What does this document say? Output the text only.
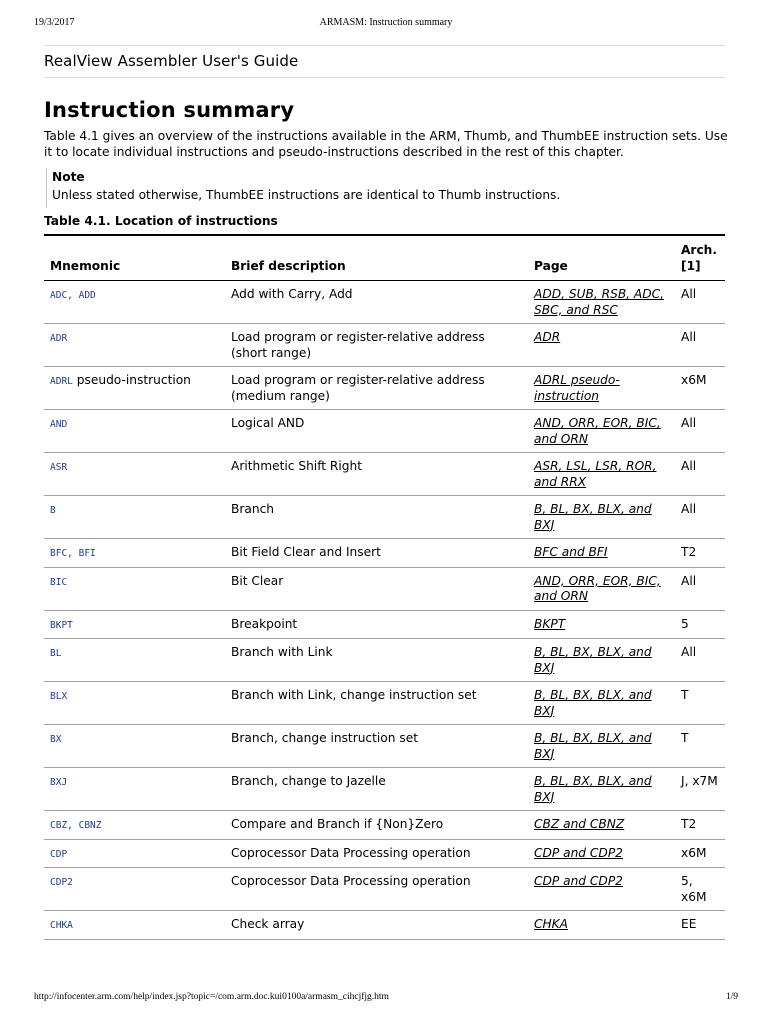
19/3/2017	ARMASM: Instruction summary
RealView Assembler User's Guide
Instruction summary

Table 4.1 gives an overview of the instructions available in the ARM, Thumb, and ThumbEE instruction sets. Use it to locate individual instructions and pseudo-instructions described in the rest of this chapter.

Note
Unless stated otherwise, ThumbEE instructions are identical to Thumb instructions.
Table 4.1. Location of instructions
Mnemonic	Brief description	Page	Arch. [1]
ADC, ADD	Add with Carry, Add	ADD, SUB, RSB, ADC, SBC, and RSC	All
ADR	Load program or register-relative address (short range)	ADR	All
ADRL pseudo-instruction	Load program or register-relative address (medium range)	ADRL pseudo-instruction	x6M
AND	Logical AND	AND, ORR, EOR, BIC, and ORN	All
ASR	Arithmetic Shift Right	ASR, LSL, LSR, ROR, and RRX	All
B	Branch	B, BL, BX, BLX, and BXJ	All
BFC, BFI	Bit Field Clear and Insert	BFC and BFI	T2
BIC	Bit Clear	AND, ORR, EOR, BIC, and ORN	All
BKPT	Breakpoint	BKPT	5
BL	Branch with Link	B, BL, BX, BLX, and BXJ	All
BLX	Branch with Link, change instruction set	B, BL, BX, BLX, and BXJ	T
BX	Branch, change instruction set	B, BL, BX, BLX, and BXJ	T
BXJ	Branch, change to Jazelle	B, BL, BX, BLX, and BXJ	J, x7M
CBZ, CBNZ	Compare and Branch if {Non}Zero	CBZ and CBNZ	T2
CDP	Coprocessor Data Processing operation	CDP and CDP2	x6M
CDP2	Coprocessor Data Processing operation	CDP and CDP2	5, x6M
CHKA	Check array	CHKA	EE
http://infocenter.arm.com/help/index.jsp?topic=/com.arm.doc.kui0100a/armasm_cihcjfjg.htm	1/9
